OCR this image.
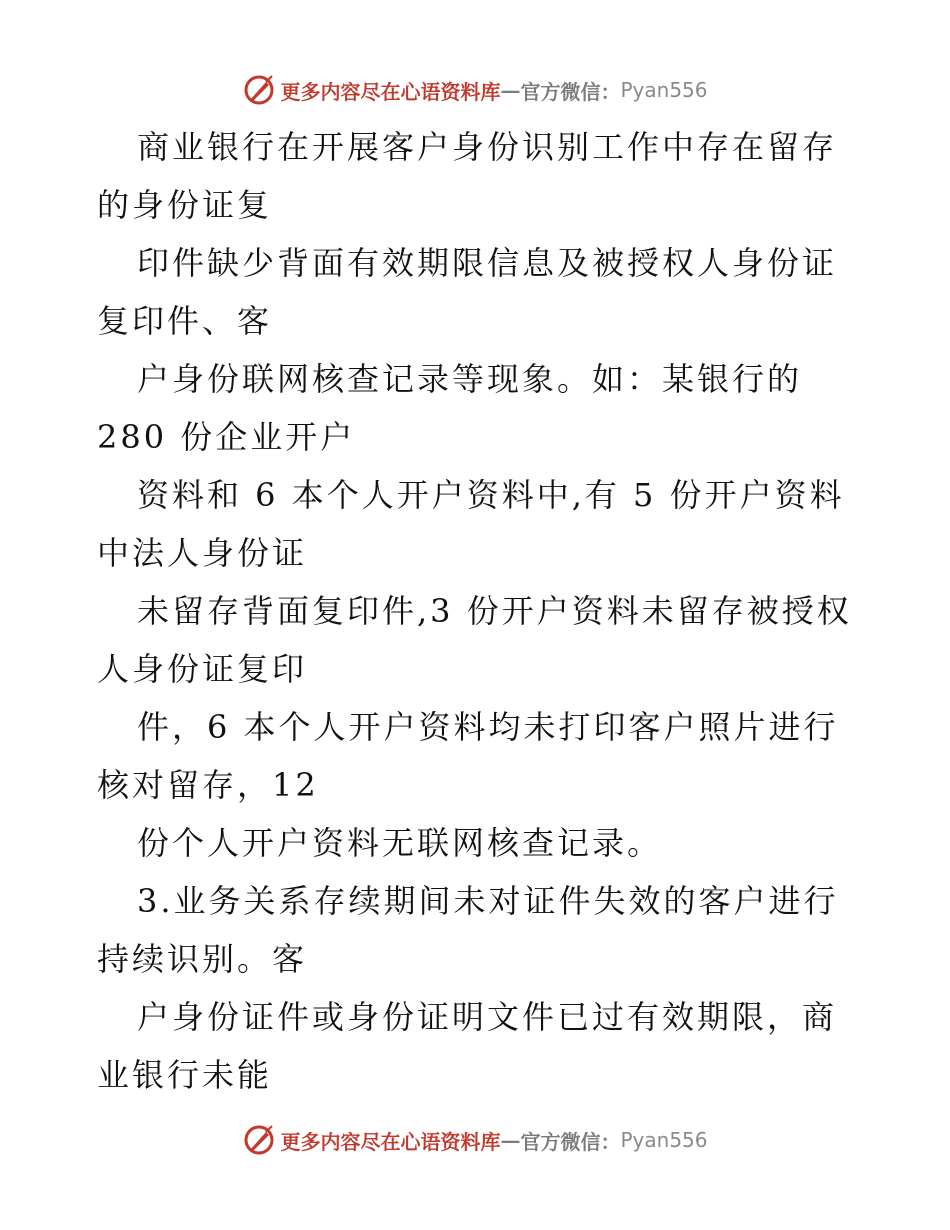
更多内容尽在心语资料库 — 官方微信： Pyan556

商业银行在开展客户身份识别工作中存在留存的身份证复

印件缺少背面有效期限信息及被授权人身份证复印件、客

户身份联网核查记录等现象。如：某银行的 280 份企业开户

资料和 6 本个人开户资料中,有 5 份开户资料中法人身份证

未留存背面复印件,3 份开户资料未留存被授权人身份证复印

件，6 本个人开户资料均未打印客户照片进行核对留存，12

份个人开户资料无联网核查记录。

3.业务关系存续期间未对证件失效的客户进行持续识别。客

户身份证件或身份证明文件已过有效期限，商业银行未能

更多内容尽在心语资料库 — 官方微信： Pyan556
